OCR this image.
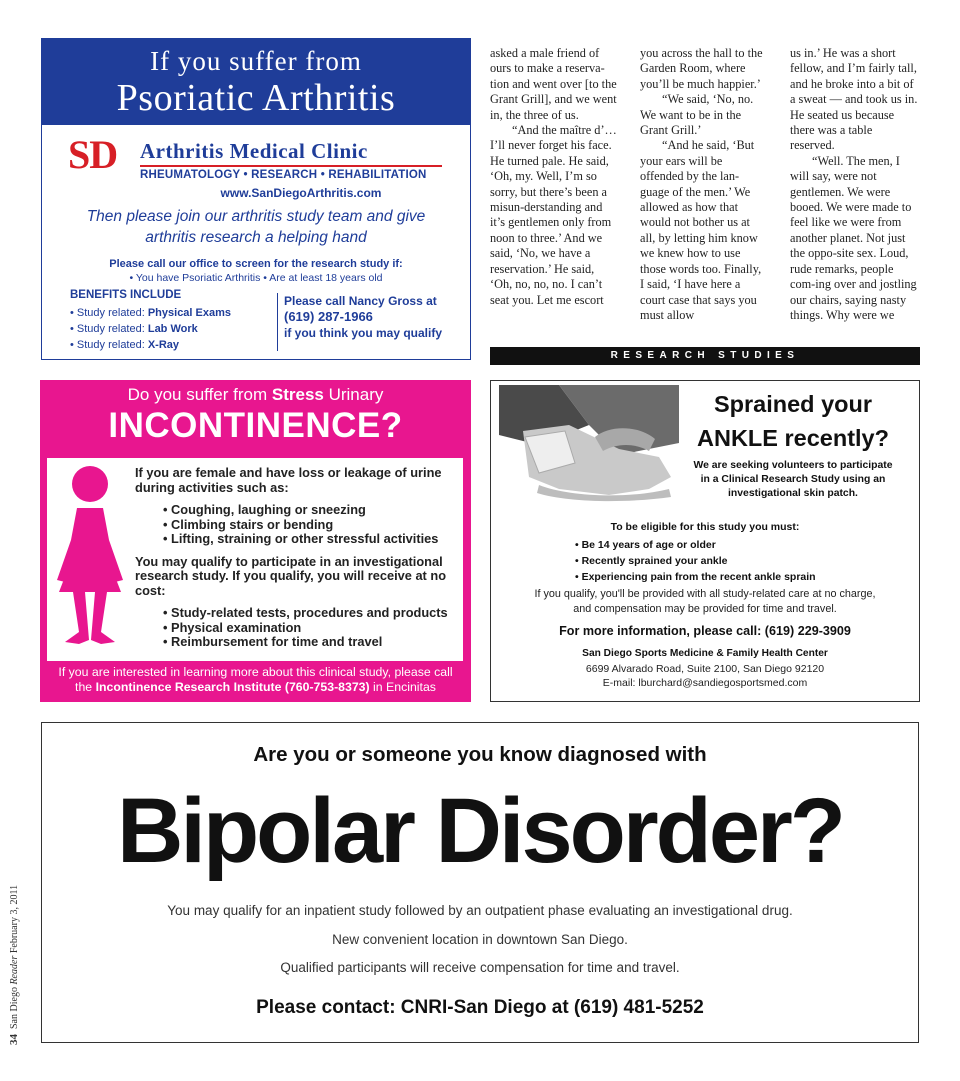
If you suffer from
Psoriatic Arthritis
SD Arthritis Medical Clinic
RHEUMATOLOGY • RESEARCH • REHABILITATION
www.SanDiegoArthritis.com
Then please join our arthritis study team and give
arthritis research a helping hand
Please call our office to screen for the research study if:
• You have Psoriatic Arthritis • Are at least 18 years old
BENEFITS INCLUDE
• Study related: Physical Exams
• Study related: Lab Work
• Study related: X-Ray
Please call Nancy Gross at
(619) 287-1966
if you think you may qualify

asked a male friend of ours to make a reserva-tion and went over [to the Grant Grill], and we went in, the three of us.

“And the maître d’…I’ll never forget his face. He turned pale. He said, ‘Oh, my. Well, I’m so sorry, but there’s been a misun-derstanding and it’s gentlemen only from noon to three.’ And we said, ‘No, we have a reservation.’ He said, ‘Oh, no, no, no. I can’t seat you. Let me escort

you across the hall to the Garden Room, where you’ll be much happier.’

“We said, ‘No, no. We want to be in the Grant Grill.’

“And he said, ‘But your ears will be offended by the lan-guage of the men.’ We allowed as how that would not bother us at all, by letting him know we knew how to use those words too. Finally, I said, ‘I have here a court case that says you must allow

us in.’ He was a short fellow, and I’m fairly tall, and he broke into a bit of a sweat — and took us in. He seated us because there was a table reserved.

“Well. The men, I will say, were not gentlemen. We were booed. We were made to feel like we were from another planet. Not just the oppo-site sex. Loud, rude remarks, people com-ing over and jostling our chairs, saying nasty things. Why were we

RESEARCH STUDIES
Do you suffer from Stress Urinary
INCONTINENCE?
If you are female and have loss or leakage of urine during activities such as:
• Coughing, laughing or sneezing
• Climbing stairs or bending
• Lifting, straining or other stressful activities
You may qualify to participate in an investigational research study. If you qualify, you will receive at no cost:
• Study-related tests, procedures and products
• Physical examination
• Reimbursement for time and travel
If you are interested in learning more about this clinical study, please call
the Incontinence Research Institute (760-753-8373) in Encinitas
Sprained your
ANKLE recently?
We are seeking volunteers to participate
in a Clinical Research Study using an
investigational skin patch.
To be eligible for this study you must:
• Be 14 years of age or older
• Recently sprained your ankle
• Experiencing pain from the recent ankle sprain
If you qualify, you'll be provided with all study-related care at no charge,
and compensation may be provided for time and travel.
For more information, please call: (619) 229-3909
San Diego Sports Medicine & Family Health Center
6699 Alvarado Road, Suite 2100, San Diego 92120
E-mail: lburchard@sandiegosportsmed.com
Are you or someone you know diagnosed with
Bipolar Disorder?
You may qualify for an inpatient study followed by an outpatient phase evaluating an investigational drug.
New convenient location in downtown San Diego.
Qualified participants will receive compensation for time and travel.
Please contact: CNRI-San Diego at (619) 481-5252
34  San Diego Reader February 3, 2011
